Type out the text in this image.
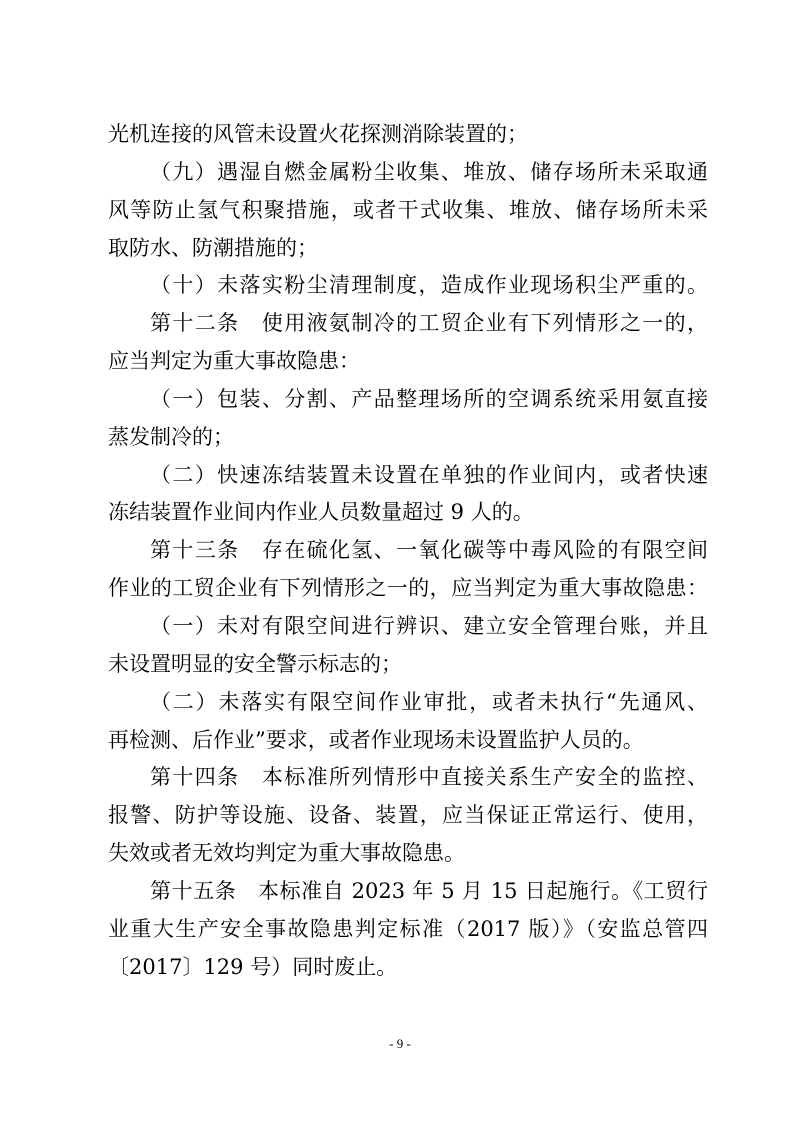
光机连接的风管未设置火花探测消除装置的；
（九）遇湿自燃金属粉尘收集、堆放、储存场所未采取通
风等防止氢气积聚措施，或者干式收集、堆放、储存场所未采
取防水、防潮措施的；
（十）未落实粉尘清理制度，造成作业现场积尘严重的。
第十二条　使用液氨制冷的工贸企业有下列情形之一的，
应当判定为重大事故隐患：
（一）包装、分割、产品整理场所的空调系统采用氨直接
蒸发制冷的；
（二）快速冻结装置未设置在单独的作业间内，或者快速
冻结装置作业间内作业人员数量超过 9 人的。
第十三条　存在硫化氢、一氧化碳等中毒风险的有限空间
作业的工贸企业有下列情形之一的，应当判定为重大事故隐患：
（一）未对有限空间进行辨识、建立安全管理台账，并且
未设置明显的安全警示标志的；
（二）未落实有限空间作业审批，或者未执行“先通风、
再检测、后作业”要求，或者作业现场未设置监护人员的。
第十四条　本标准所列情形中直接关系生产安全的监控、
报警、防护等设施、设备、装置，应当保证正常运行、使用，
失效或者无效均判定为重大事故隐患。
第十五条　本标准自 2023 年 5 月 15 日起施行。《工贸行
业重大生产安全事故隐患判定标准（2017 版）》（安监总管四
〔2017〕129 号）同时废止。
- 9 -
